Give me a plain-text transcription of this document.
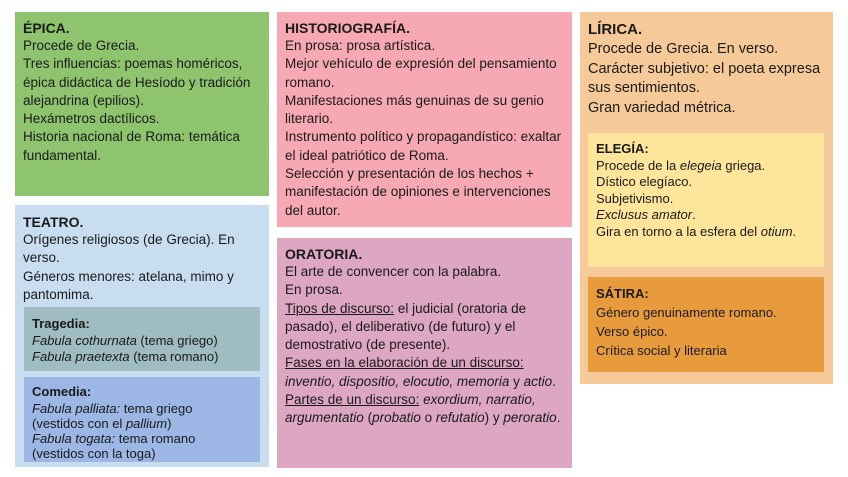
ÉPICA.
Procede de Grecia.
Tres influencias: poemas homéricos, épica didáctica de Hesíodo y tradición alejandrina (epilios).
Hexámetros dactílicos.
Historia nacional de Roma: temática fundamental.
TEATRO.
Orígenes religiosos (de Grecia). En verso.
Géneros menores: atelana, mimo y pantomima.
Tragedia:
Fabula cothurnata (tema griego)
Fabula praetexta (tema romano)
Comedia:
Fabula palliata: tema griego
(vestidos con el pallium)
Fabula togata: tema romano
(vestidos con la toga)
HISTORIOGRAFÍA.
En prosa: prosa artística.
Mejor vehículo de expresión del pensamiento romano.
Manifestaciones más genuinas de su genio literario.
Instrumento político y propagandístico: exaltar el ideal patriótico de Roma.
Selección y presentación de los hechos + manifestación de opiniones e intervenciones del autor.
ORATORIA.
El arte de convencer con la palabra.
En prosa.
Tipos de discurso: el judicial (oratoria de pasado), el deliberativo (de futuro) y el demostrativo (de presente).
Fases en la elaboración de un discurso: inventio, dispositio, elocutio, memoria y actio.
Partes de un discurso: exordium, narratio, argumentatio (probatio o refutatio) y peroratio.
LÍRICA.
Procede de Grecia. En verso.
Carácter subjetivo: el poeta expresa sus sentimientos.
Gran variedad métrica.
ELEGÍA:
Procede de la elegeia griega.
Dístico elegíaco.
Subjetivismo.
Exclusus amator.
Gira en torno a la esfera del otium.
SÁTIRA:
Género genuinamente romano.
Verso épico.
Crítica social y literaria
